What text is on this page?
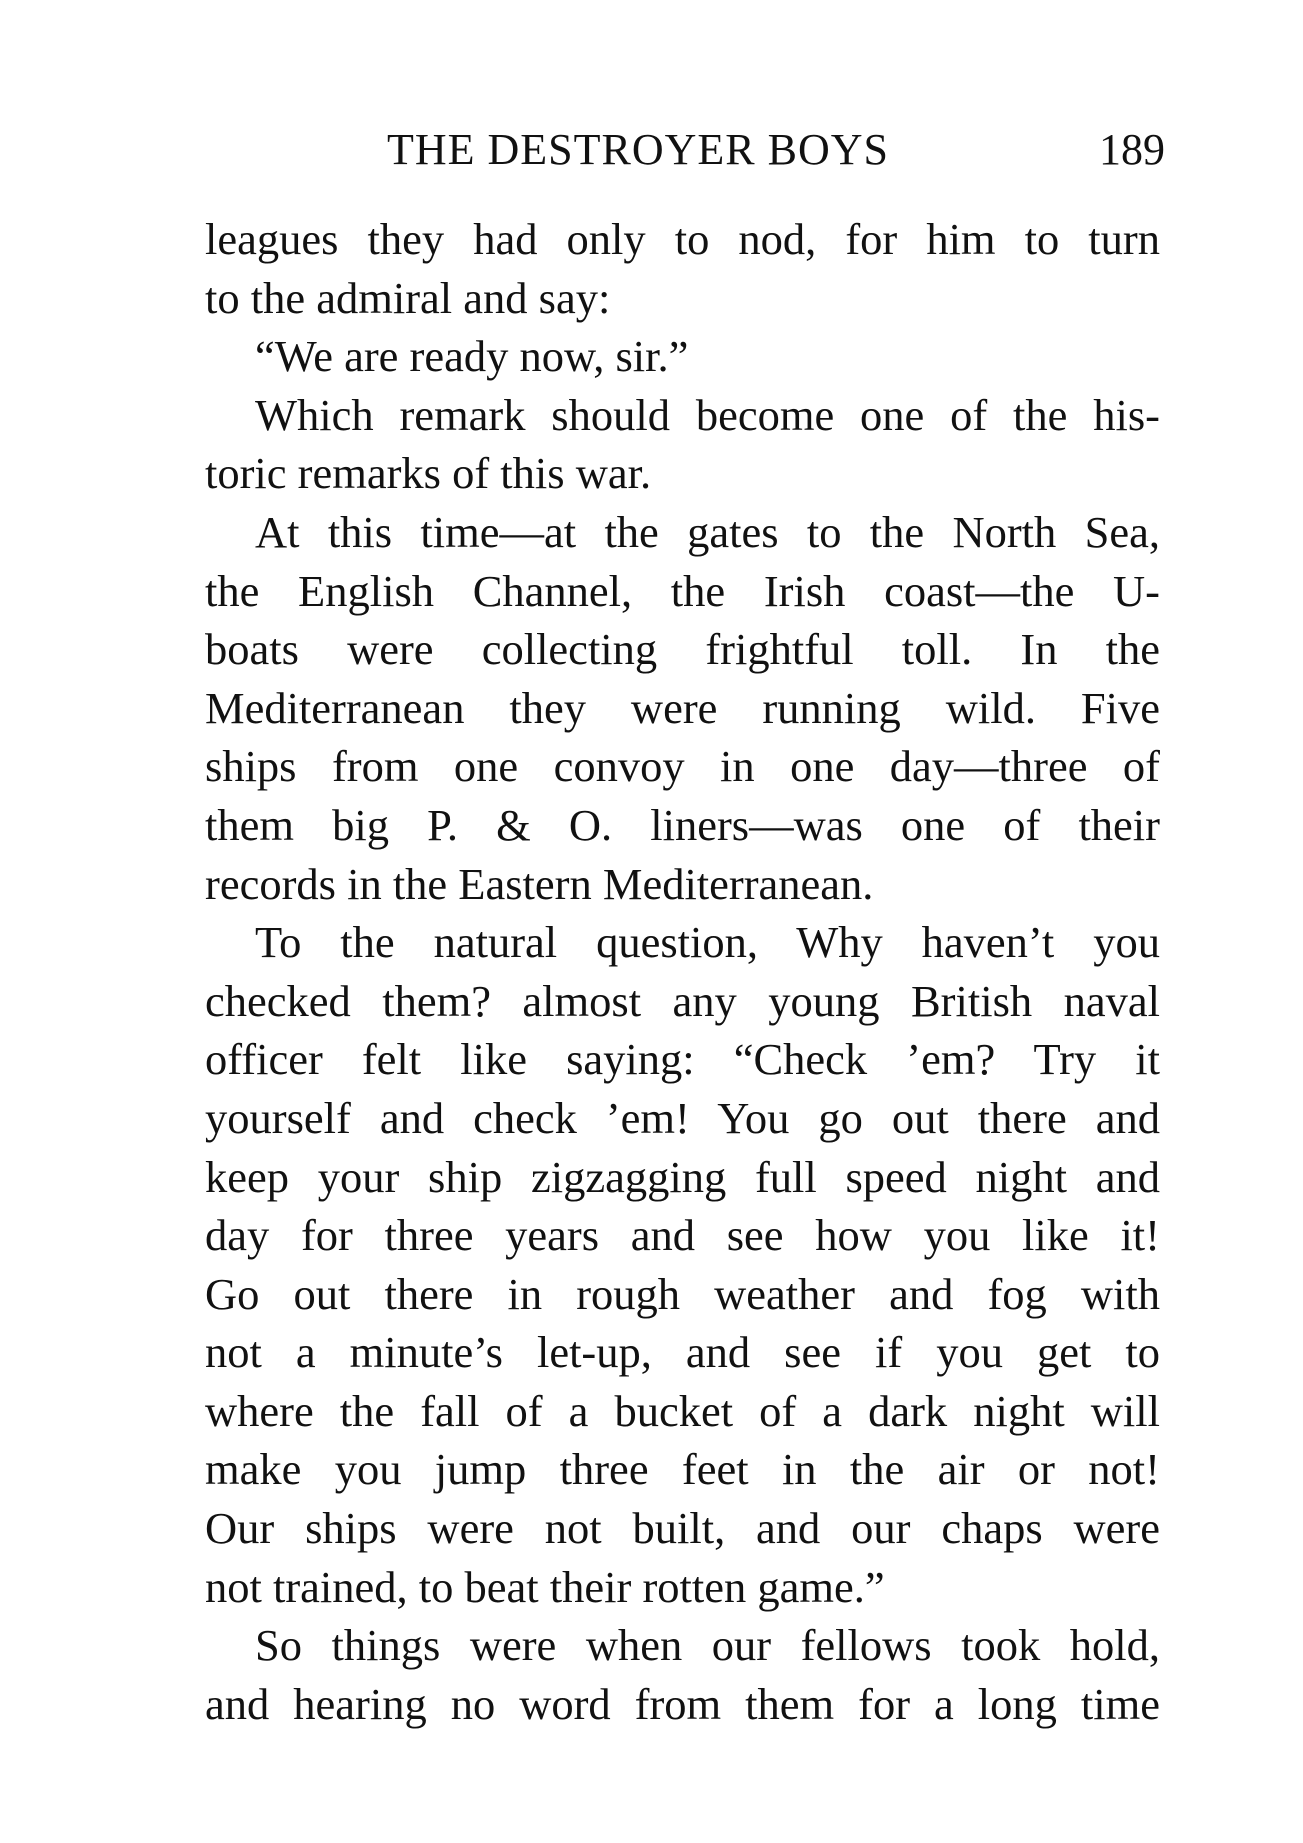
THE DESTROYER BOYS	189
leagues they had only to nod, for him to turn
to the admiral and say:
“We are ready now, sir.”
Which remark should become one of the his-
toric remarks of this war.
At this time—at the gates to the North Sea,
the English Channel, the Irish coast—the U-
boats were collecting frightful toll. In the
Mediterranean they were running wild. Five
ships from one convoy in one day—three of
them big P. & O. liners—was one of their
records in the Eastern Mediterranean.
To the natural question, Why haven’t you
checked them? almost any young British naval
officer felt like saying: “Check ’em? Try it
yourself and check ’em! You go out there and
keep your ship zigzagging full speed night and
day for three years and see how you like it!
Go out there in rough weather and fog with
not a minute’s let-up, and see if you get to
where the fall of a bucket of a dark night will
make you jump three feet in the air or not!
Our ships were not built, and our chaps were
not trained, to beat their rotten game.”
So things were when our fellows took hold,
and hearing no word from them for a long time
